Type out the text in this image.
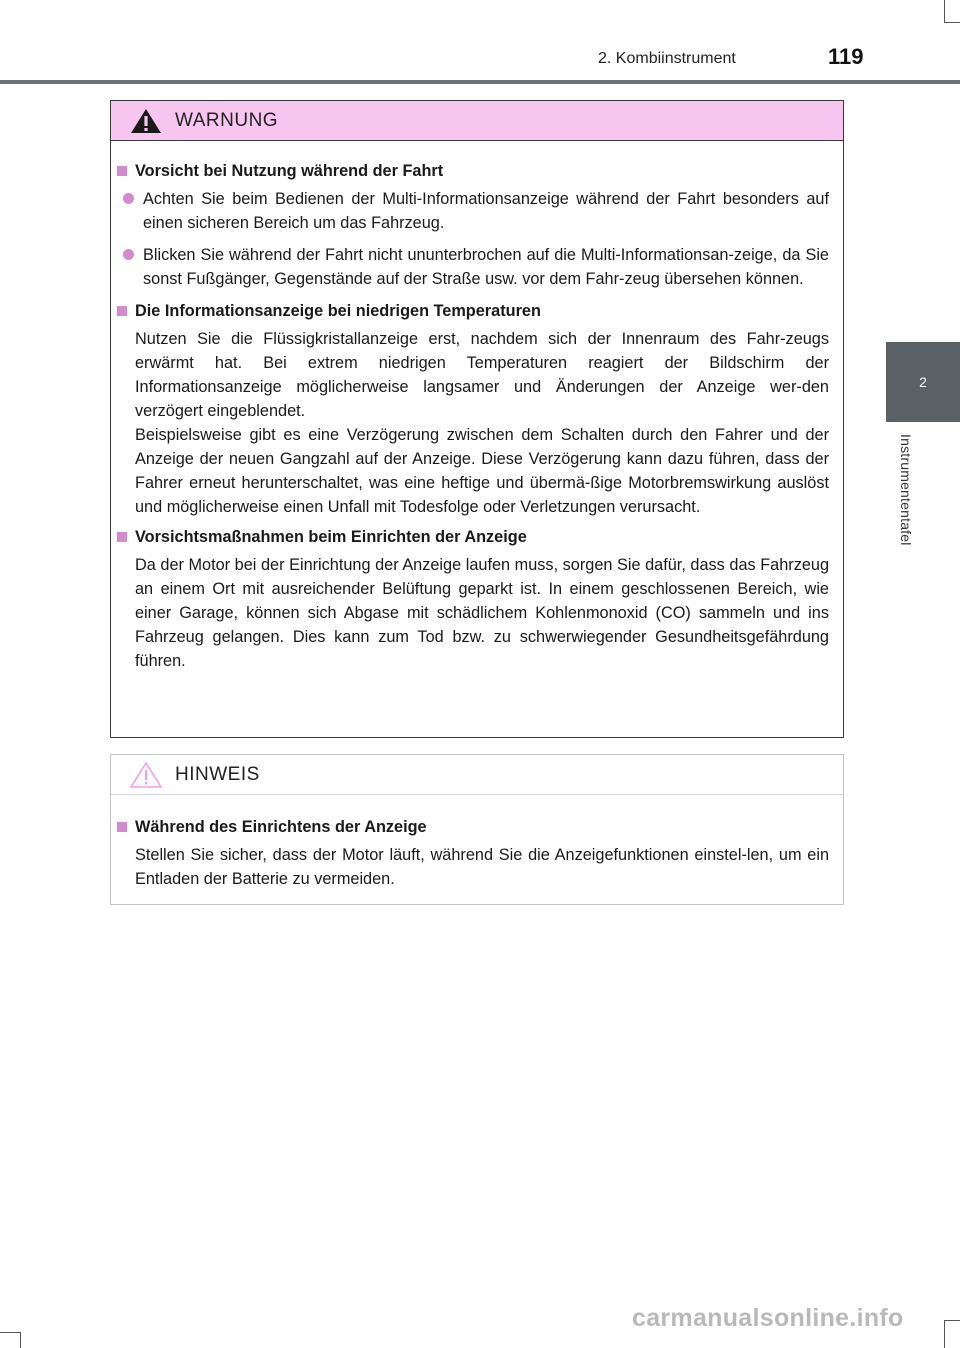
2. Kombiinstrument	119
2
Instrumententafel
WARNUNG
Vorsicht bei Nutzung während der Fahrt
Achten Sie beim Bedienen der Multi-Informationsanzeige während der Fahrt besonders auf einen sicheren Bereich um das Fahrzeug.
Blicken Sie während der Fahrt nicht ununterbrochen auf die Multi-Informationsan-zeige, da Sie sonst Fußgänger, Gegenstände auf der Straße usw. vor dem Fahr-zeug übersehen können.
Die Informationsanzeige bei niedrigen Temperaturen
Nutzen Sie die Flüssigkristallanzeige erst, nachdem sich der Innenraum des Fahr-zeugs erwärmt hat. Bei extrem niedrigen Temperaturen reagiert der Bildschirm der Informationsanzeige möglicherweise langsamer und Änderungen der Anzeige wer-den verzögert eingeblendet.
Beispielsweise gibt es eine Verzögerung zwischen dem Schalten durch den Fahrer und der Anzeige der neuen Gangzahl auf der Anzeige. Diese Verzögerung kann dazu führen, dass der Fahrer erneut herunterschaltet, was eine heftige und übermä-ßige Motorbremswirkung auslöst und möglicherweise einen Unfall mit Todesfolge oder Verletzungen verursacht.
Vorsichtsmaßnahmen beim Einrichten der Anzeige
Da der Motor bei der Einrichtung der Anzeige laufen muss, sorgen Sie dafür, dass das Fahrzeug an einem Ort mit ausreichender Belüftung geparkt ist. In einem geschlossenen Bereich, wie einer Garage, können sich Abgase mit schädlichem Kohlenmonoxid (CO) sammeln und ins Fahrzeug gelangen. Dies kann zum Tod bzw. zu schwerwiegender Gesundheitsgefährdung führen.
HINWEIS
Während des Einrichtens der Anzeige
Stellen Sie sicher, dass der Motor läuft, während Sie die Anzeigefunktionen einstel-len, um ein Entladen der Batterie zu vermeiden.
carmanualsonline.info
